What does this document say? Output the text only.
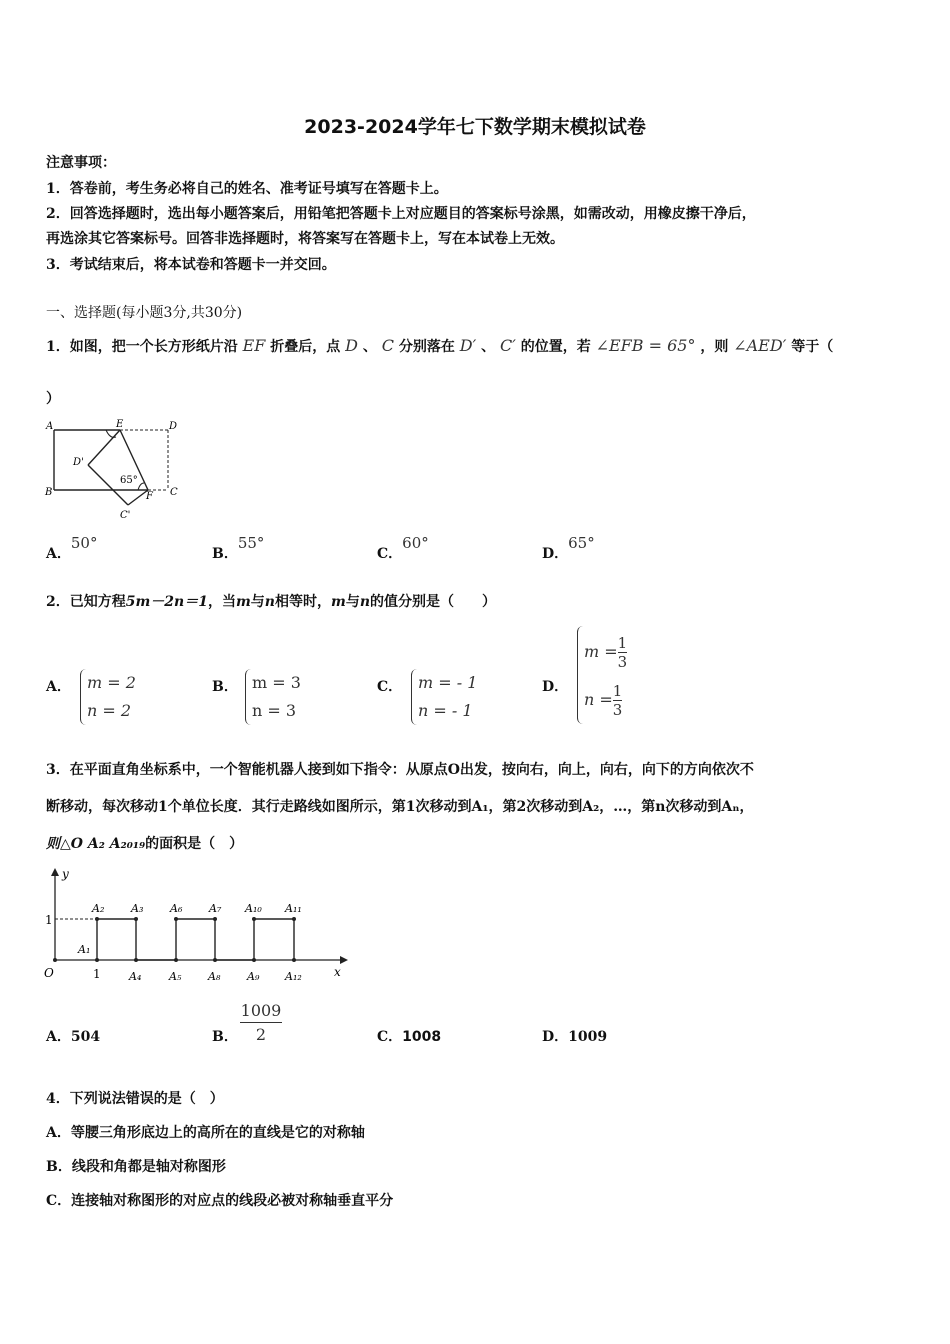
2023-2024学年七下数学期末模拟试卷
注意事项：
1．答卷前，考生务必将自己的姓名、准考证号填写在答题卡上。
2．回答选择题时，选出每小题答案后，用铅笔把答题卡上对应题目的答案标号涂黑，如需改动，用橡皮擦干净后，
再选涂其它答案标号。回答非选择题时，将答案写在答题卡上，写在本试卷上无效。
3．考试结束后，将本试卷和答题卡一并交回。
一、选择题(每小题3分,共30分)
1．如图，把一个长方形纸片沿 EF 折叠后，点 D 、 C 分别落在 D′ 、 C′ 的位置，若 ∠EFB = 65° ，则 ∠AED′ 等于（
）
A	E	D
D'
B	C
F
C'
65°
A．50°
B．55°
C．60°
D．65°
2．已知方程5m－2n＝1，当m与n相等时，m与n的值分别是（　　）
A． m = 2
n = 2
B． m = 3
n = 3
C． m = - 1
n = - 1
D．
$m = \frac{1}{3}$
$n = \frac{1}{3}$
3．在平面直角坐标系中，一个智能机器人接到如下指令：从原点O出发，按向右，向上，向右，向下的方向依次不
断移动，每次移动1个单位长度．其行走路线如图所示，第1次移动到A₁，第2次移动到A₂，…，第n次移动到Aₙ，
则△O A₂ A₂₀₁₉的面积是（　）
y
x
O	1
1
A₁
A₂ A₃ A₆ A₇ A₁₀ A₁₁
A₄	A₅ A₈ A₉ A₁₂
A．504	B．
1009
2	C．1008	D．1009
4．下列说法错误的是（　）
A．等腰三角形底边上的高所在的直线是它的对称轴
B．线段和角都是轴对称图形
C．连接轴对称图形的对应点的线段必被对称轴垂直平分
